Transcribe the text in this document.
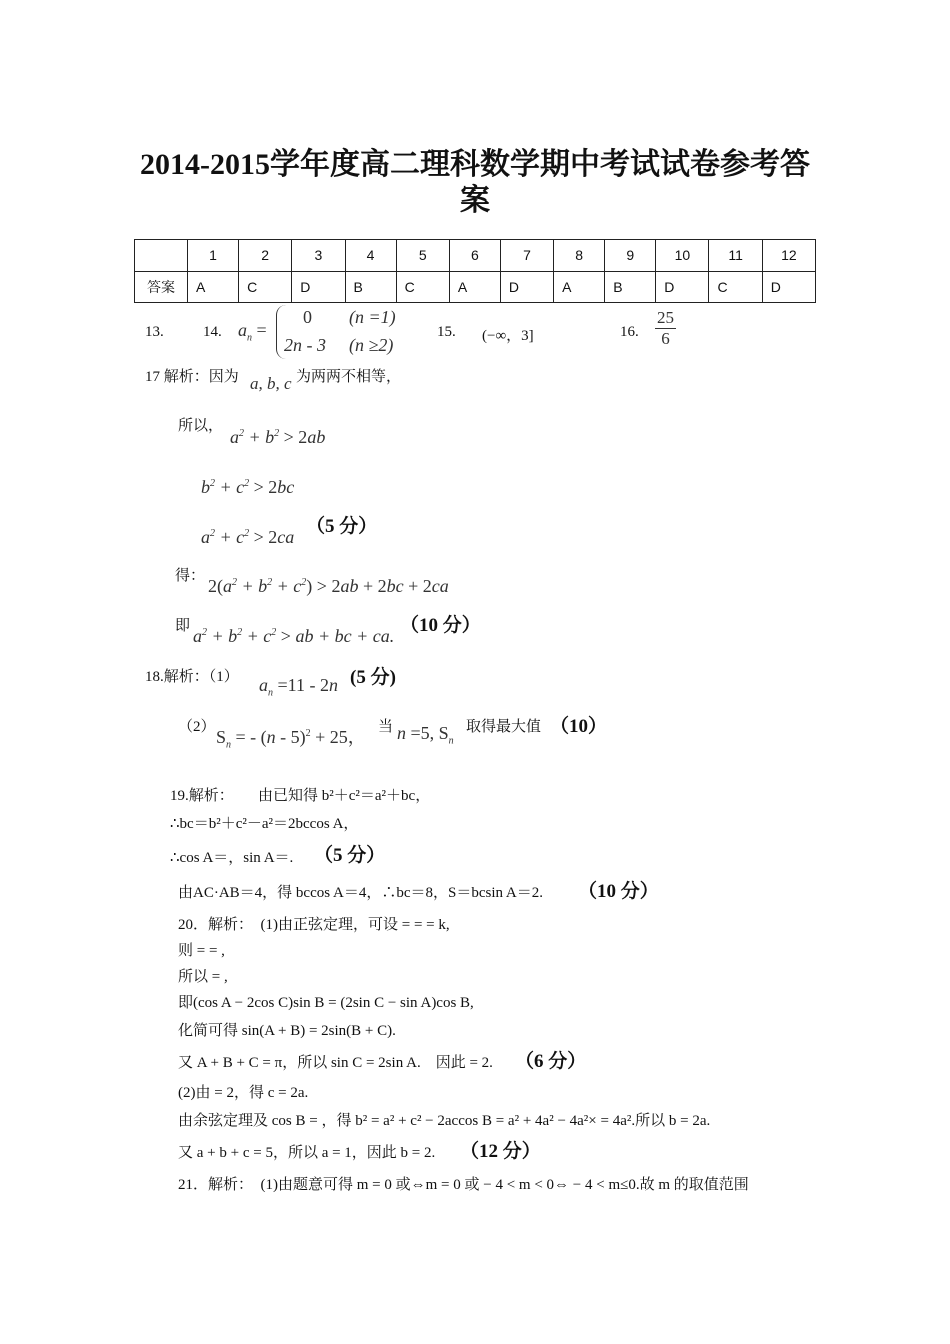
2014-2015学年度高二理科数学期中考试试卷参考答
案
	1	2	3	4	5	6	7	8	9	10	11	12
答案	A	C	D	B	C	A	D	A	B	D	C	D
13.	14. $a_n$ =
0 (n =1)
2n - 3 (n ≥2)
15. (−∞，3]	16. $\frac{25}{6}$
17 解析：因为 a, b, c 为两两不相等，
所以，
$a^2 + b^2 > 2ab$
$b^2 + c^2 > 2bc$
$a^2 + c^2 > 2ca$ （5 分）
得： $2(a^2 + b^2 + c^2) > 2ab + 2bc + 2ca$
即 $a^2 + b^2 + c^2$ > ab + bc + ca. （10 分）
18.解析：（1） $a_n =11 - 2n$ (5 分)
（2） $S_n$ = - (n - 5)$^2$ + 25， 当 n =5, $S_n$
取得最大值 （10）
19.解析： 由已知得 b²＋c²＝a²＋bc，
∴bc＝b²＋c²－a²＝2bccos A，
∴cos A＝，sin A＝. （5 分）
由AC·AB＝4，得 bccos A＝4，∴bc＝8，S＝bcsin A＝2. （10 分）
20．解析：　(1)由正弦定理，可设 = = = k,
则 = = ,
所以 = ,
即(cos A − 2cos C)sin B = (2sin C − sin A)cos B,
化简可得 sin(A + B) = 2sin(B + C).
又 A + B + C = π，所以 sin C = 2sin A.　因此 = 2. （6 分）
(2)由 = 2，得 c = 2a.
由余弦定理及 cos B = ，得 b² = a² + c² − 2accos B = a² + 4a² − 4a²× = 4a².所以 b = 2a.
又 a + b + c = 5，所以 a = 1，因此 b = 2. （12 分）
21．解析：　(1)由题意可得 m = 0 或⇔m = 0 或 − 4 < m < 0⇔ − 4 < m≤0.故 m 的取值范围
